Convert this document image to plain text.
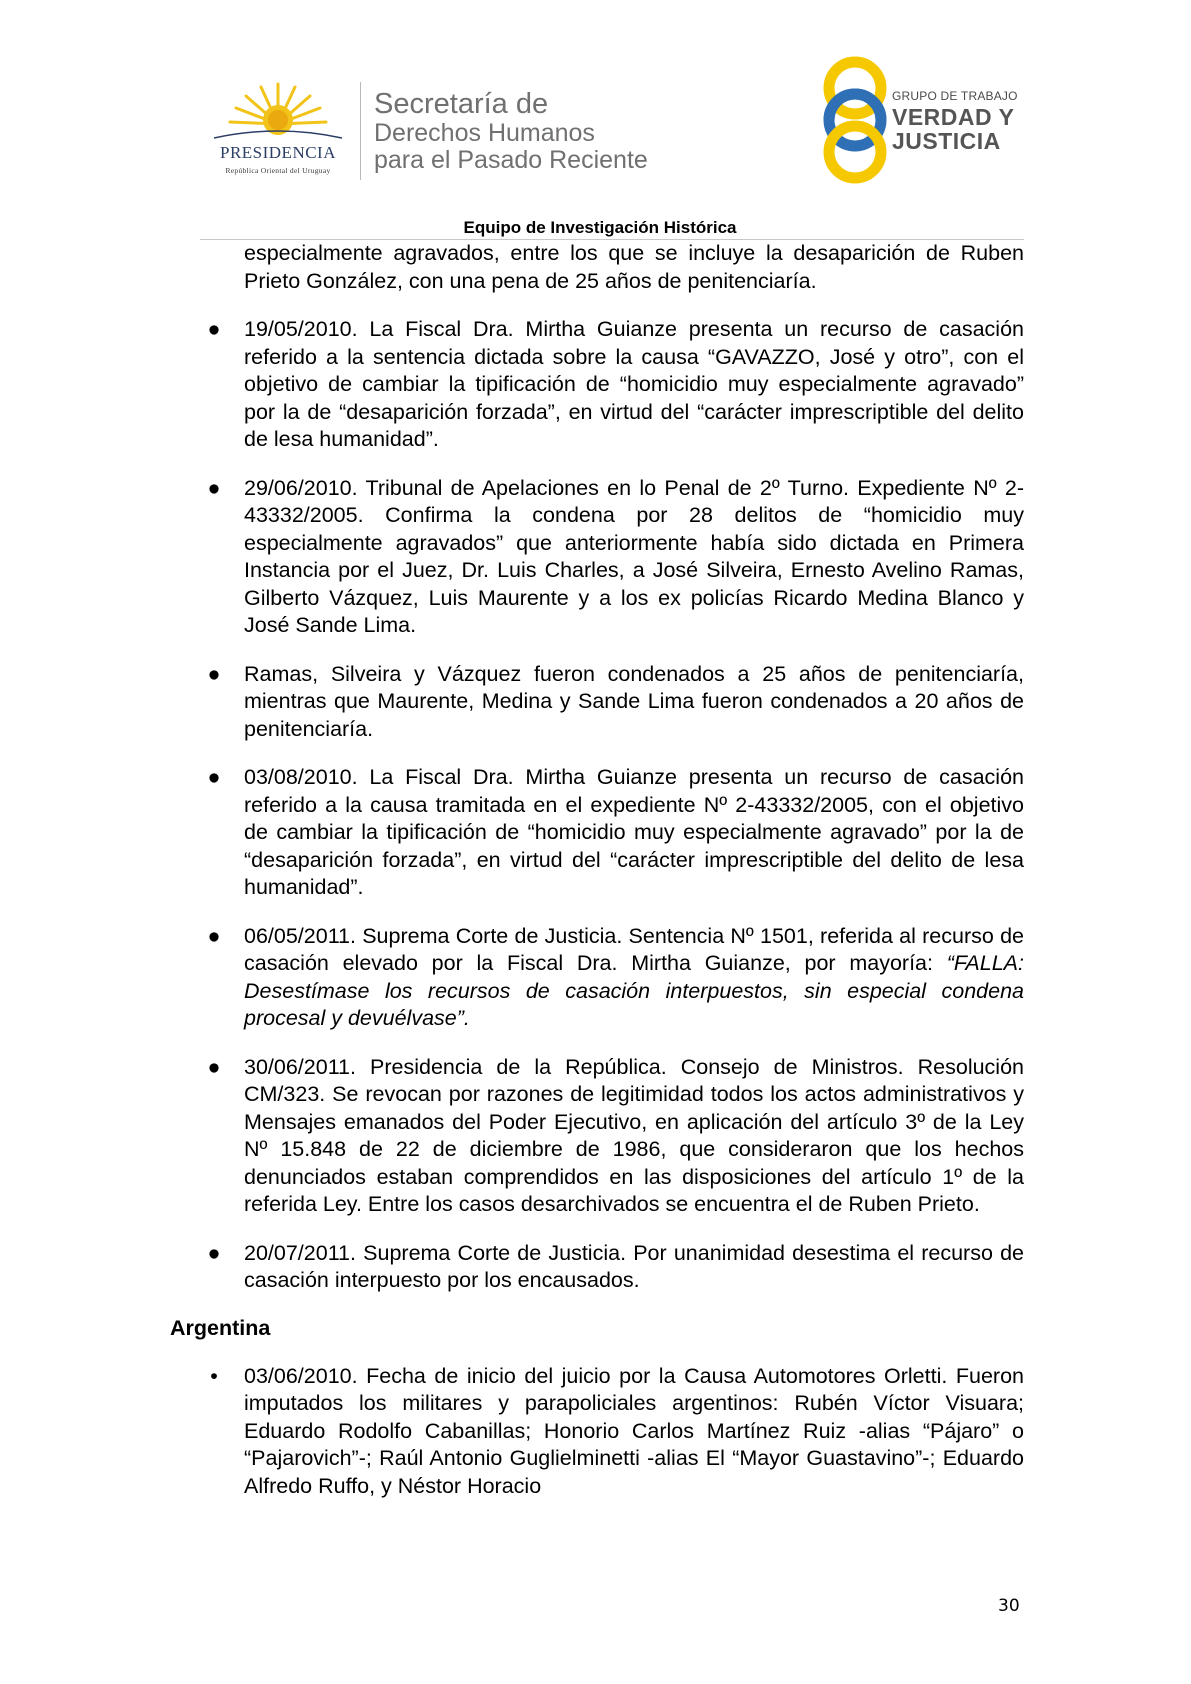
PRESIDENCIA
República Oriental del Uruguay
Secretaría de
Derechos Humanos
para el Pasado Reciente
GRUPO DE TRABAJO
VERDAD Y
JUSTICIA
Equipo de Investigación Histórica
especialmente agravados, entre los que se incluye la desaparición de Ruben Prieto González, con una pena de 25 años de penitenciaría.
● 19/05/2010. La Fiscal Dra. Mirtha Guianze presenta un recurso de casación referido a la sentencia dictada sobre la causa “GAVAZZO, José y otro”, con el objetivo de cambiar la tipificación de “homicidio muy especialmente agravado” por la de “desaparición forzada”, en virtud del “carácter imprescriptible del delito de lesa humanidad”.
● 29/06/2010. Tribunal de Apelaciones en lo Penal de 2º Turno. Expediente Nº 2-43332/2005. Confirma la condena por 28 delitos de “homicidio muy especialmente agravados” que anteriormente había sido dictada en Primera Instancia por el Juez, Dr. Luis Charles, a José Silveira, Ernesto Avelino Ramas, Gilberto Vázquez, Luis Maurente y a los ex policías Ricardo Medina Blanco y José Sande Lima.
● Ramas, Silveira y Vázquez fueron condenados a 25 años de penitenciaría, mientras que Maurente, Medina y Sande Lima fueron condenados a 20 años de penitenciaría.
● 03/08/2010. La Fiscal Dra. Mirtha Guianze presenta un recurso de casación referido a la causa tramitada en el expediente Nº 2-43332/2005, con el objetivo de cambiar la tipificación de “homicidio muy especialmente agravado” por la de “desaparición forzada”, en virtud del “carácter imprescriptible del delito de lesa humanidad”.
● 06/05/2011. Suprema Corte de Justicia. Sentencia Nº 1501, referida al recurso de casación elevado por la Fiscal Dra. Mirtha Guianze, por mayoría: “FALLA: Desestímase los recursos de casación interpuestos, sin especial condena procesal y devuélvase”.
● 30/06/2011. Presidencia de la República. Consejo de Ministros. Resolución CM/323. Se revocan por razones de legitimidad todos los actos administrativos y Mensajes emanados del Poder Ejecutivo, en aplicación del artículo 3º de la Ley Nº 15.848 de 22 de diciembre de 1986, que consideraron que los hechos denunciados estaban comprendidos en las disposiciones del artículo 1º de la referida Ley. Entre los casos desarchivados se encuentra el de Ruben Prieto.
● 20/07/2011. Suprema Corte de Justicia. Por unanimidad desestima el recurso de casación interpuesto por los encausados.
Argentina
• 03/06/2010. Fecha de inicio del juicio por la Causa Automotores Orletti. Fueron imputados los militares y parapoliciales argentinos: Rubén Víctor Visuara; Eduardo Rodolfo Cabanillas; Honorio Carlos Martínez Ruiz -alias “Pájaro” o “Pajarovich”-; Raúl Antonio Guglielminetti -alias El “Mayor Guastavino”-; Eduardo Alfredo Ruffo, y Néstor Horacio
30
